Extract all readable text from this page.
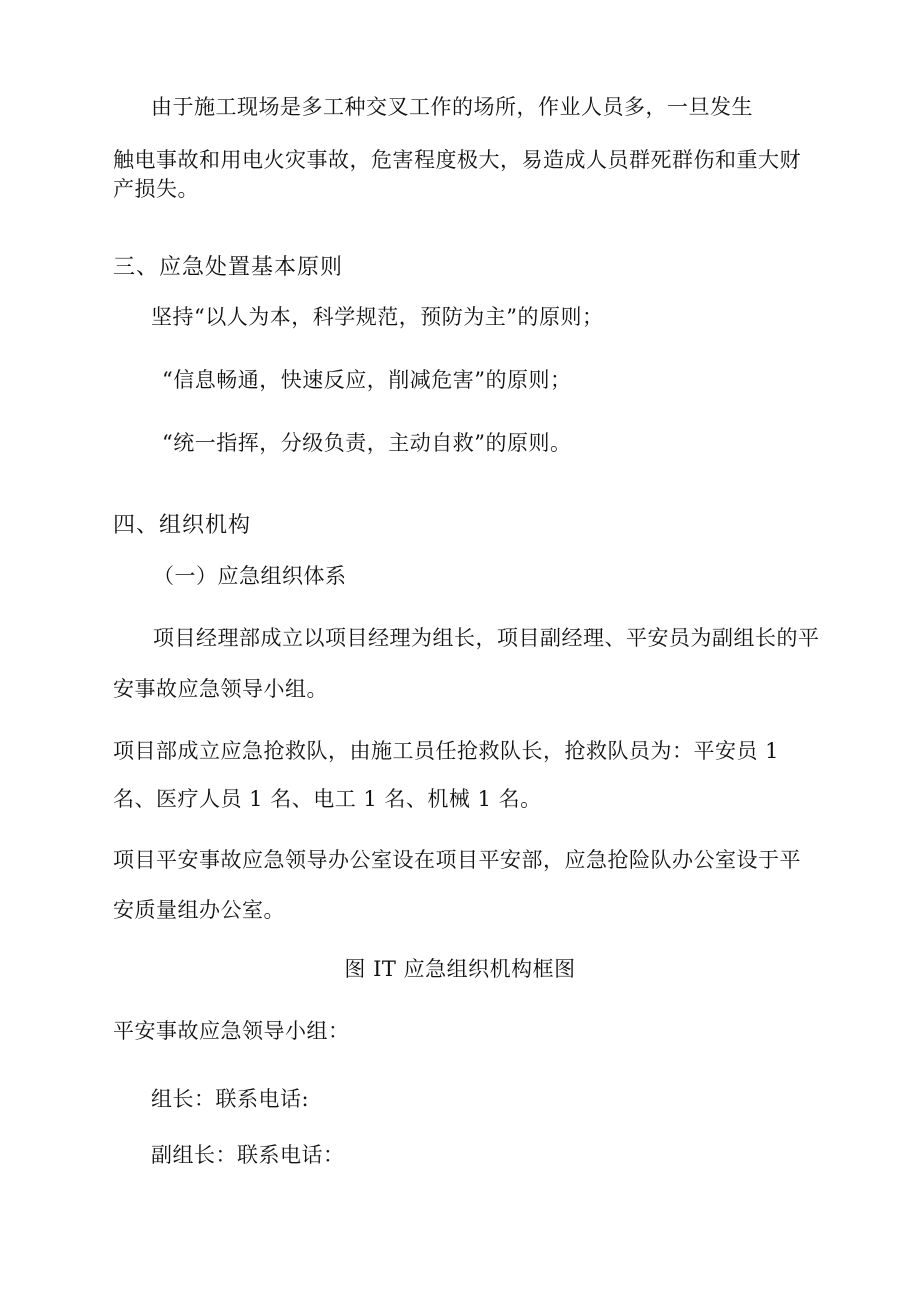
由于施工现场是多工种交叉工作的场所，作业人员多，一旦发生
触电事故和用电火灾事故，危害程度极大，易造成人员群死群伤和重大财
产损失。
三、应急处置基本原则
坚持“以人为本，科学规范，预防为主”的原则；
“信息畅通，快速反应，削减危害”的原则；
“统一指挥，分级负责，主动自救”的原则。
四、组织机构
（一）应急组织体系
项目经理部成立以项目经理为组长，项目副经理、平安员为副组长的平
安事故应急领导小组。
项目部成立应急抢救队，由施工员任抢救队长，抢救队员为：平安员 1
名、医疗人员 1 名、电工 1 名、机械 1 名。
项目平安事故应急领导办公室设在项目平安部，应急抢险队办公室设于平
安质量组办公室。
图 IT 应急组织机构框图
平安事故应急领导小组：
组长：联系电话:
副组长：联系电话：
